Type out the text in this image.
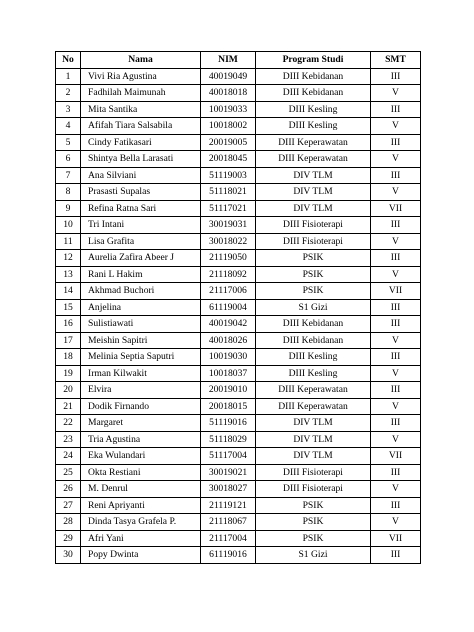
No	Nama	NIM	Program Studi	SMT
1	Vivi Ria Agustina	40019049	DIII Kebidanan	III
2	Fadhilah Maimunah	40018018	DIII Kebidanan	V
3	Mita Santika	10019033	DIII Kesling	III
4	Afifah Tiara Salsabila	10018002	DIII Kesling	V
5	Cindy Fatikasari	20019005	DIII Keperawatan	III
6	Shintya Bella Larasati	20018045	DIII Keperawatan	V
7	Ana Silviani	51119003	DIV TLM	III
8	Prasasti Supalas	51118021	DIV TLM	V
9	Refina Ratna Sari	51117021	DIV TLM	VII
10	Tri Intani	30019031	DIII Fisioterapi	III
11	Lisa Grafita	30018022	DIII Fisioterapi	V
12	Aurelia Zafira Abeer J	21119050	PSIK	III
13	Rani L Hakim	21118092	PSIK	V
14	Akhmad Buchori	21117006	PSIK	VII
15	Anjelina	61119004	S1 Gizi	III
16	Sulistiawati	40019042	DIII Kebidanan	III
17	Meishin Sapitri	40018026	DIII Kebidanan	V
18	Melinia Septia Saputri	10019030	DIII Kesling	III
19	Irman Kilwakit	10018037	DIII Kesling	V
20	Elvira	20019010	DIII Keperawatan	III
21	Dodik Firnando	20018015	DIII Keperawatan	V
22	Margaret	51119016	DIV TLM	III
23	Tria Agustina	51118029	DIV TLM	V
24	Eka Wulandari	51117004	DIV TLM	VII
25	Okta Restiani	30019021	DIII Fisioterapi	III
26	M. Denrul	30018027	DIII Fisioterapi	V
27	Reni Apriyanti	21119121	PSIK	III
28	Dinda Tasya Grafela P.	21118067	PSIK	V
29	Afri Yani	21117004	PSIK	VII
30	Popy Dwinta	61119016	S1 Gizi	III
